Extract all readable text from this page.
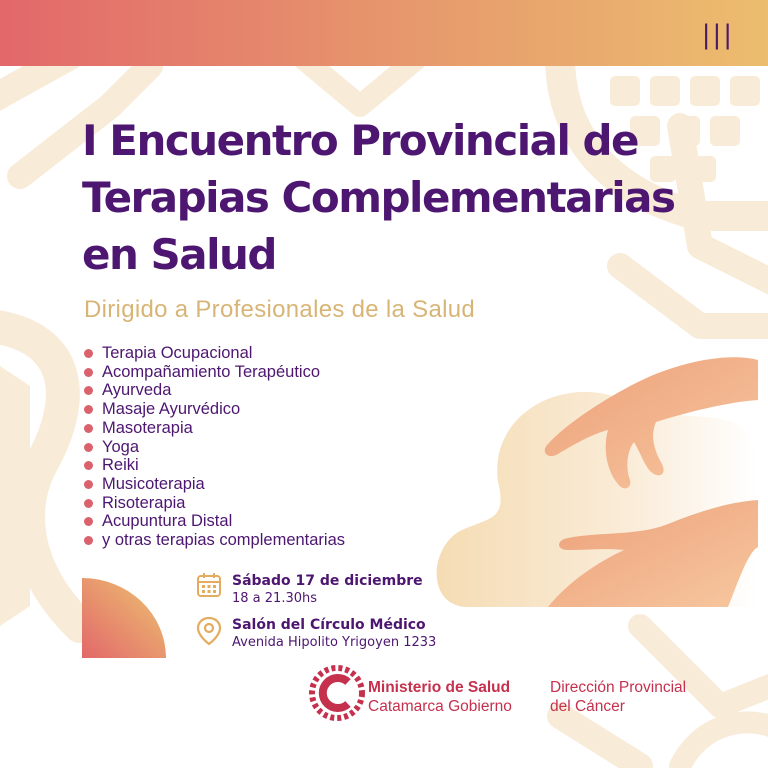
|||
I Encuentro Provincial de
Terapias Complementarias
en Salud

Dirigido a Profesionales de la Salud

Terapia Ocupacional
Acompañamiento Terapéutico
Ayurveda
Masaje Ayurvédico
Masoterapia
Yoga
Reiki
Musicoterapia
Risoterapia
Acupuntura Distal
y otras terapias complementarias
Sábado 17 de diciembre
18 a 21.30hs
Salón del Círculo Médico
Avenida Hipolito Yrigoyen 1233
Ministerio de Salud
Catamarca Gobierno
Dirección Provincial
del Cáncer
